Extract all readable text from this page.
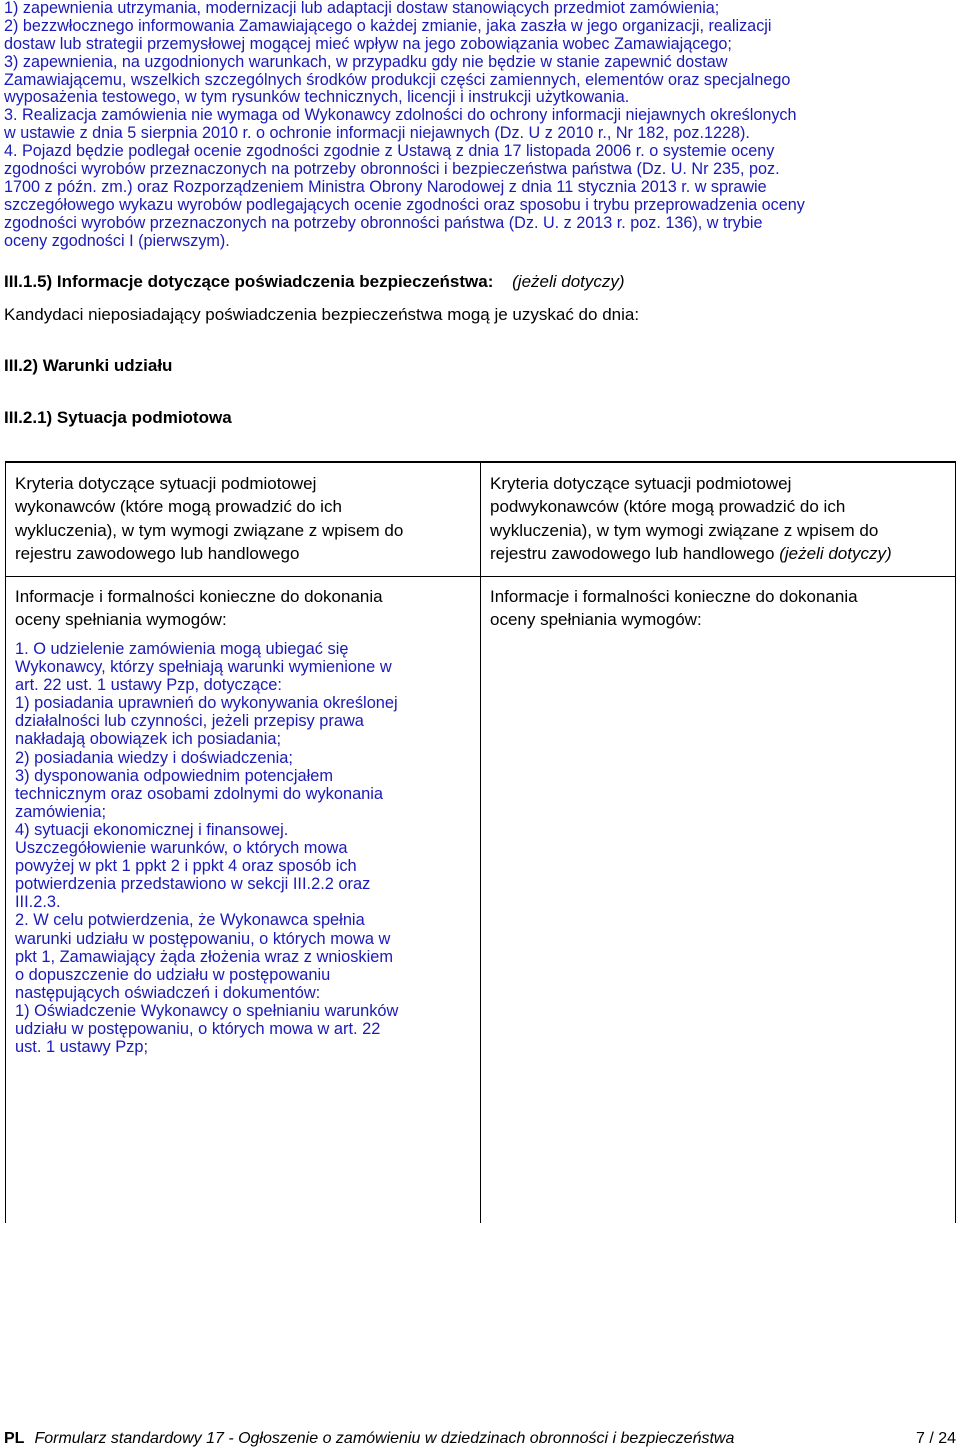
1) zapewnienia utrzymania, modernizacji lub adaptacji dostaw stanowiących przedmiot zamówienia;
2) bezzwłocznego informowania Zamawiającego o każdej zmianie, jaka zaszła w jego organizacji, realizacji
dostaw lub strategii przemysłowej mogącej mieć wpływ na jego zobowiązania wobec Zamawiającego;
3) zapewnienia, na uzgodnionych warunkach, w przypadku gdy nie będzie w stanie zapewnić dostaw
Zamawiającemu, wszelkich szczególnych środków produkcji części zamiennych, elementów oraz specjalnego
wyposażenia testowego, w tym rysunków technicznych, licencji i instrukcji użytkowania.
3. Realizacja zamówienia nie wymaga od Wykonawcy zdolności do ochrony informacji niejawnych określonych
w ustawie z dnia 5 sierpnia 2010 r. o ochronie informacji niejawnych (Dz. U z 2010 r., Nr 182, poz.1228).
4. Pojazd będzie podlegał ocenie zgodności zgodnie z Ustawą z dnia 17 listopada 2006 r. o systemie oceny
zgodności wyrobów przeznaczonych na potrzeby obronności i bezpieczeństwa państwa (Dz. U. Nr 235, poz.
1700 z późn. zm.) oraz Rozporządzeniem Ministra Obrony Narodowej z dnia 11 stycznia 2013 r. w sprawie
szczegółowego wykazu wyrobów podlegających ocenie zgodności oraz sposobu i trybu przeprowadzenia oceny
zgodności wyrobów przeznaczonych na potrzeby obronności państwa (Dz. U. z 2013 r. poz. 136), w trybie
oceny zgodności I (pierwszym).
III.1.5) Informacje dotyczące poświadczenia bezpieczeństwa: (jeżeli dotyczy)
Kandydaci nieposiadający poświadczenia bezpieczeństwa mogą je uzyskać do dnia:
III.2) Warunki udziału
III.2.1) Sytuacja podmiotowa
Kryteria dotyczące sytuacji podmiotowej
wykonawców (które mogą prowadzić do ich
wykluczenia), w tym wymogi związane z wpisem do
rejestru zawodowego lub handlowego
Kryteria dotyczące sytuacji podmiotowej
podwykonawców (które mogą prowadzić do ich
wykluczenia), w tym wymogi związane z wpisem do
rejestru zawodowego lub handlowego (jeżeli dotyczy)
Informacje i formalności konieczne do dokonania
oceny spełniania wymogów:
Informacje i formalności konieczne do dokonania
oceny spełniania wymogów:
1. O udzielenie zamówienia mogą ubiegać się
Wykonawcy, którzy spełniają warunki wymienione w
art. 22 ust. 1 ustawy Pzp, dotyczące:
1) posiadania uprawnień do wykonywania określonej
działalności lub czynności, jeżeli przepisy prawa
nakładają obowiązek ich posiadania;
2) posiadania wiedzy i doświadczenia;
3) dysponowania odpowiednim potencjałem
technicznym oraz osobami zdolnymi do wykonania
zamówienia;
4) sytuacji ekonomicznej i finansowej.
Uszczegółowienie warunków, o których mowa
powyżej w pkt 1 ppkt 2 i ppkt 4 oraz sposób ich
potwierdzenia przedstawiono w sekcji III.2.2 oraz
III.2.3.
2. W celu potwierdzenia, że Wykonawca spełnia
warunki udziału w postępowaniu, o których mowa w
pkt 1, Zamawiający żąda złożenia wraz z wnioskiem
o dopuszczenie do udziału w postępowaniu
następujących oświadczeń i dokumentów:
1) Oświadczenie Wykonawcy o spełnianiu warunków
udziału w postępowaniu, o których mowa w art. 22
ust. 1 ustawy Pzp;
PL Formularz standardowy 17 - Ogłoszenie o zamówieniu w dziedzinach obronności i bezpieczeństwa	7 / 24
